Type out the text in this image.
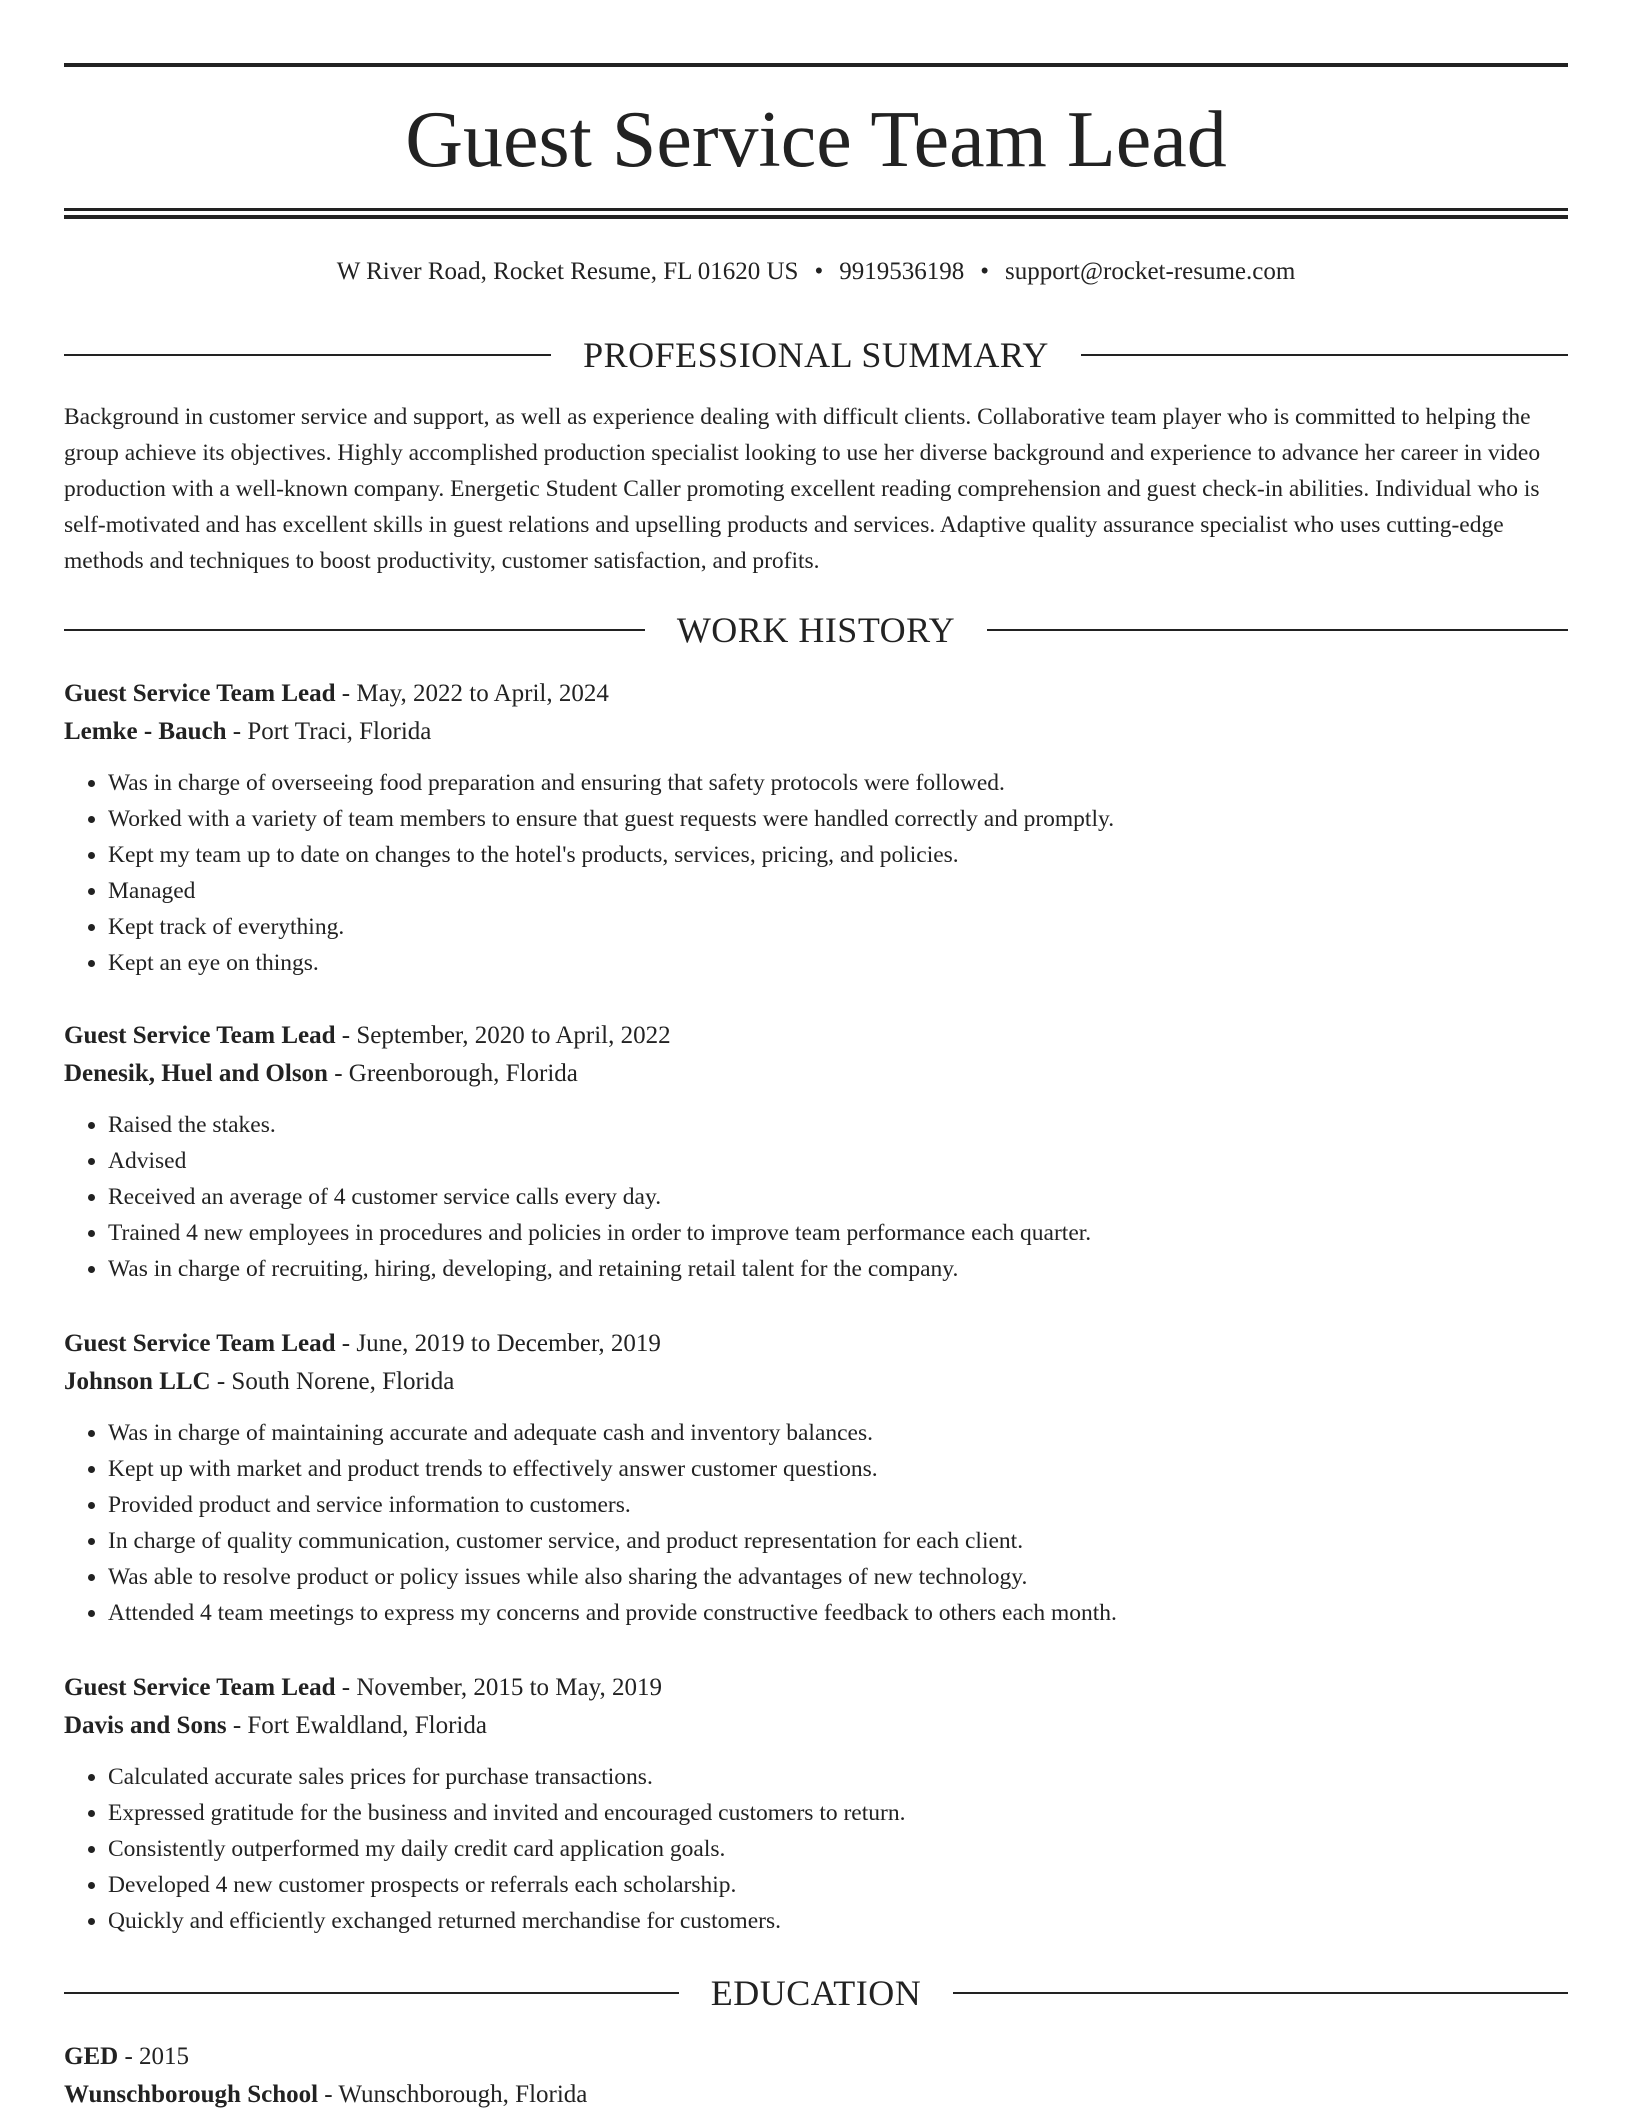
Guest Service Team Lead
W River Road, Rocket Resume, FL 01620 US • 9919536198 • support@rocket-resume.com
PROFESSIONAL SUMMARY

Background in customer service and support, as well as experience dealing with difficult clients. Collaborative team player who is committed to helping the group achieve its objectives. Highly accomplished production specialist looking to use her diverse background and experience to advance her career in video production with a well-known company. Energetic Student Caller promoting excellent reading comprehension and guest check-in abilities. Individual who is self-motivated and has excellent skills in guest relations and upselling products and services. Adaptive quality assurance specialist who uses cutting-edge methods and techniques to boost productivity, customer satisfaction, and profits.

WORK HISTORY

Guest Service Team Lead - May, 2022 to April, 2024

Lemke - Bauch - Port Traci, Florida

• Was in charge of overseeing food preparation and ensuring that safety protocols were followed.
• Worked with a variety of team members to ensure that guest requests were handled correctly and promptly.
• Kept my team up to date on changes to the hotel's products, services, pricing, and policies.
• Managed
• Kept track of everything.
• Kept an eye on things.

Guest Service Team Lead - September, 2020 to April, 2022

Denesik, Huel and Olson - Greenborough, Florida

• Raised the stakes.
• Advised
• Received an average of 4 customer service calls every day.
• Trained 4 new employees in procedures and policies in order to improve team performance each quarter.
• Was in charge of recruiting, hiring, developing, and retaining retail talent for the company.

Guest Service Team Lead - June, 2019 to December, 2019

Johnson LLC - South Norene, Florida

• Was in charge of maintaining accurate and adequate cash and inventory balances.
• Kept up with market and product trends to effectively answer customer questions.
• Provided product and service information to customers.
• In charge of quality communication, customer service, and product representation for each client.
• Was able to resolve product or policy issues while also sharing the advantages of new technology.
• Attended 4 team meetings to express my concerns and provide constructive feedback to others each month.

Guest Service Team Lead - November, 2015 to May, 2019

Davis and Sons - Fort Ewaldland, Florida

• Calculated accurate sales prices for purchase transactions.
• Expressed gratitude for the business and invited and encouraged customers to return.
• Consistently outperformed my daily credit card application goals.
• Developed 4 new customer prospects or referrals each scholarship.
• Quickly and efficiently exchanged returned merchandise for customers.
EDUCATION

GED - 2015

Wunschborough School - Wunschborough, Florida
